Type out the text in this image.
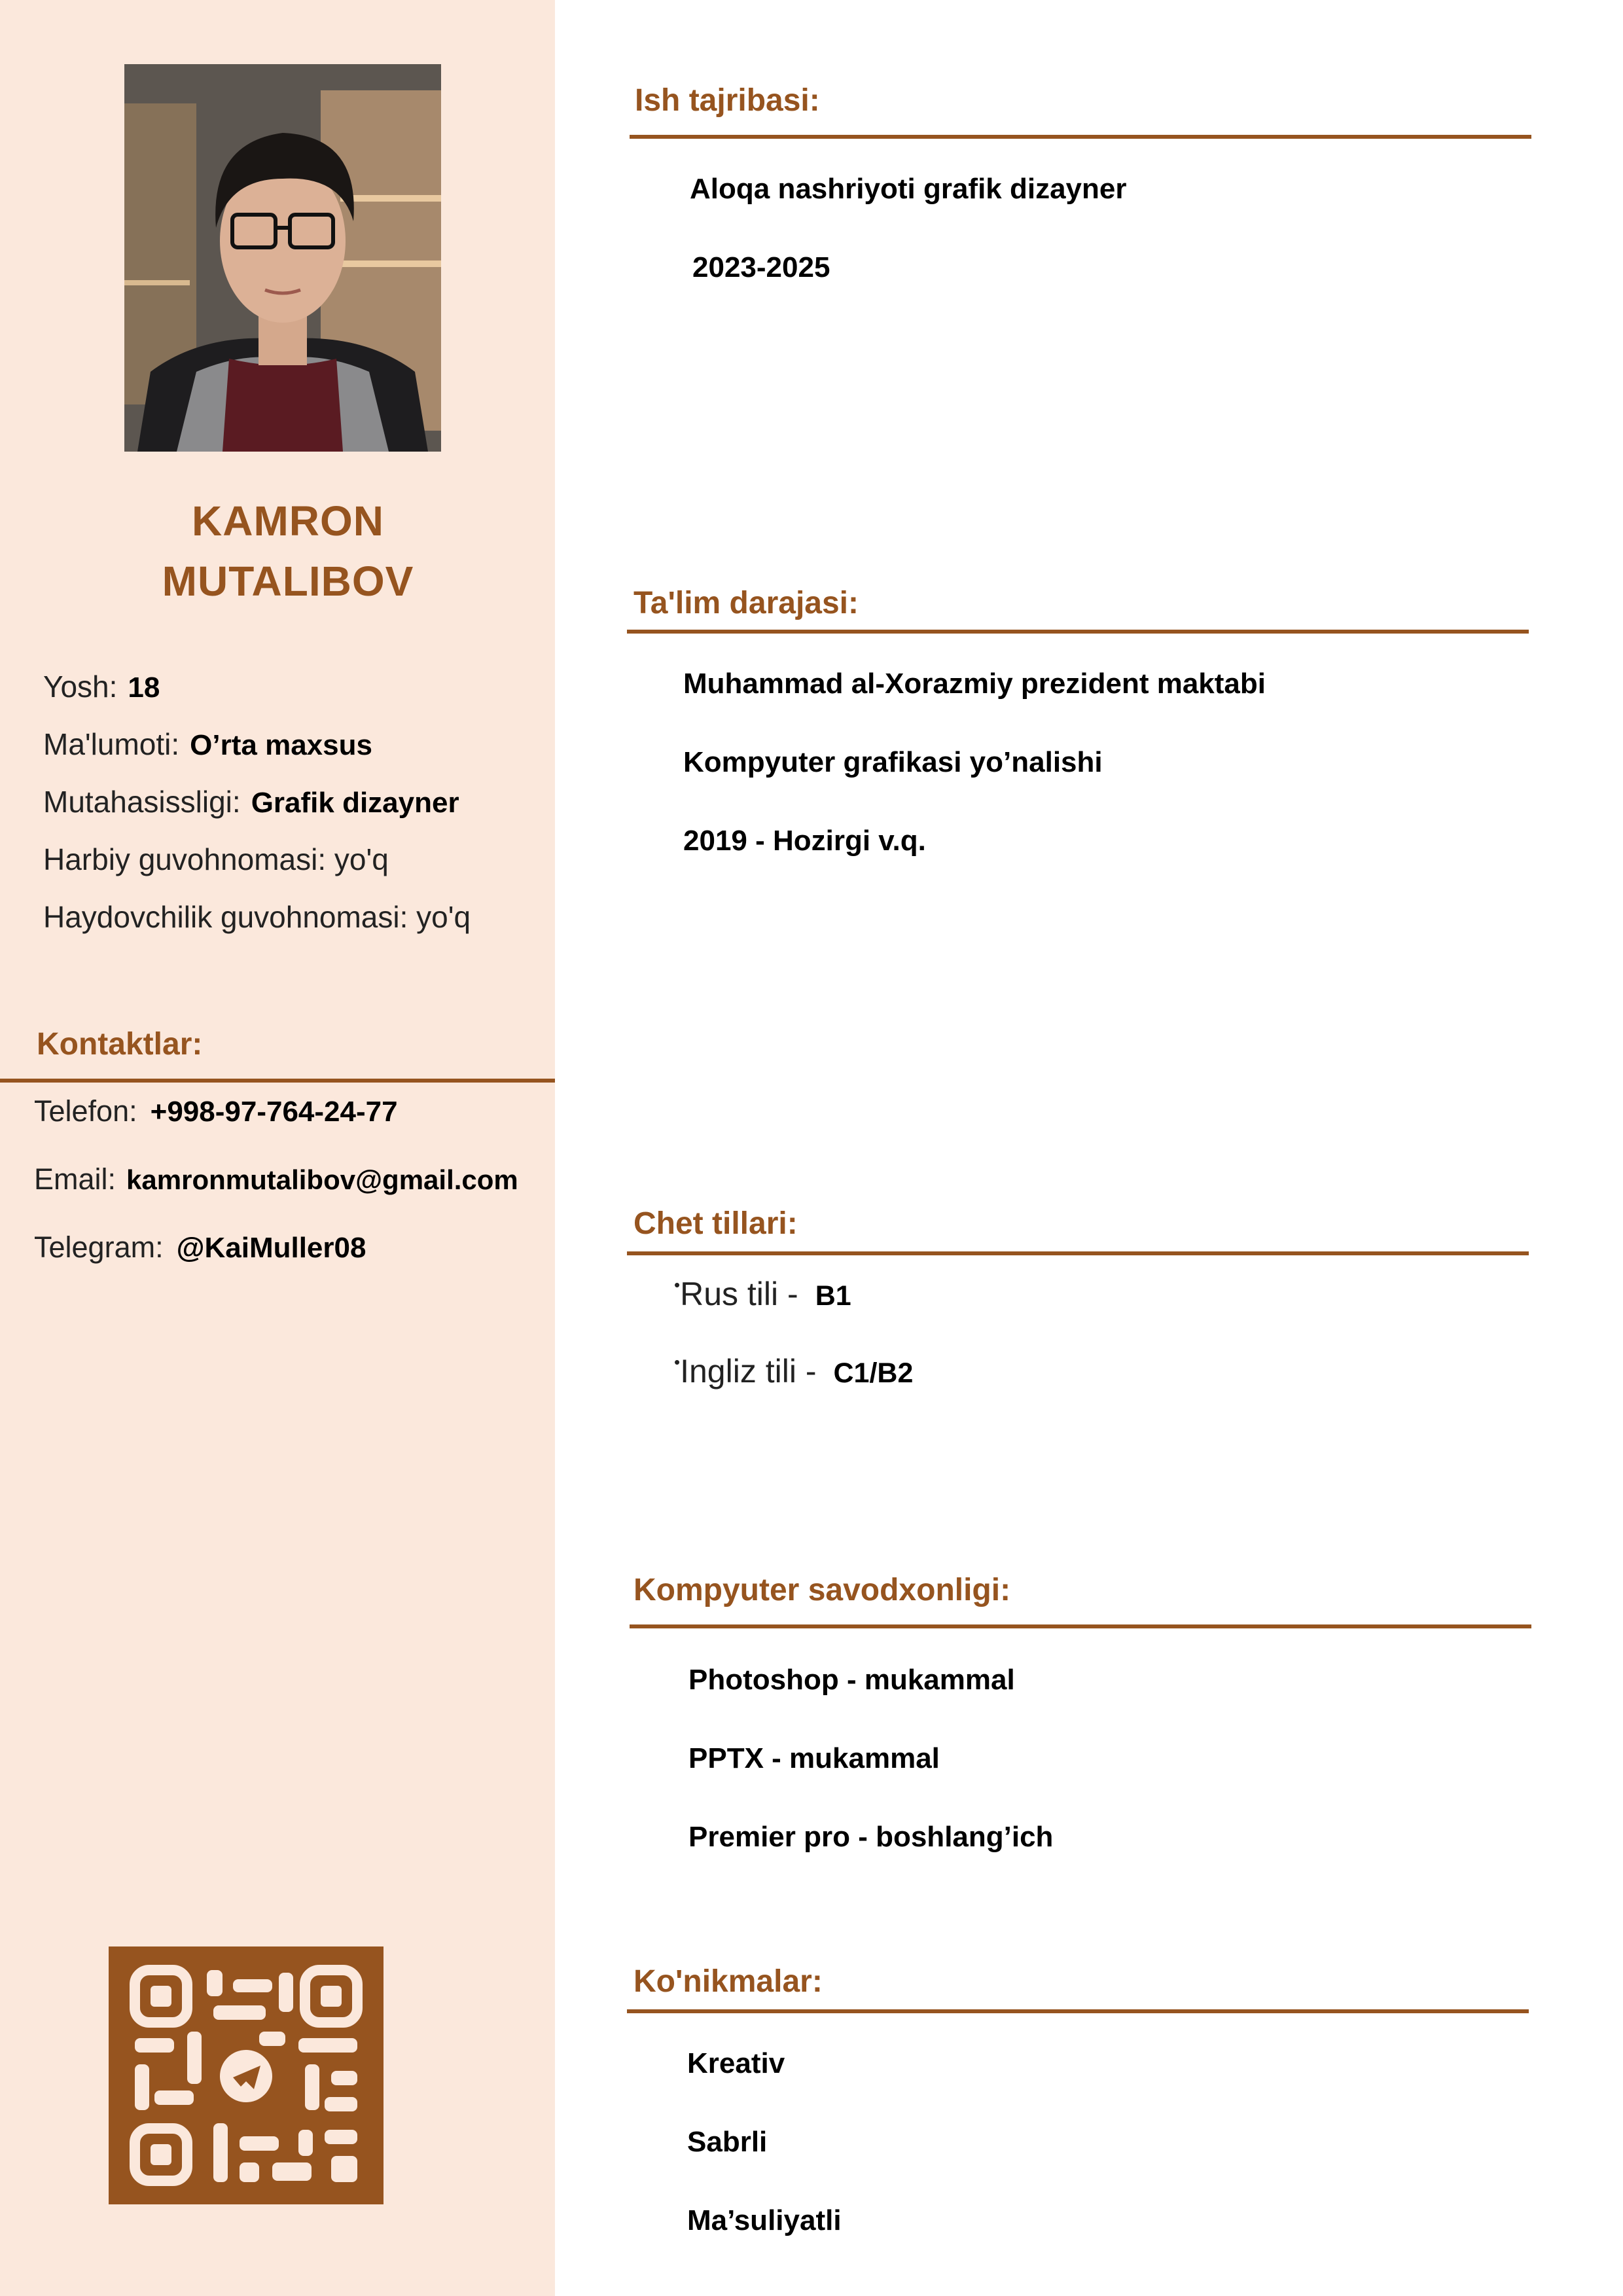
KAMRON
MUTALIBOV
Yosh: 18
Ma'lumoti: O’rta maxsus
Mutahasissligi: Grafik dizayner
Harbiy guvohnomasi: yo'q
Haydovchilik guvohnomasi: yo'q
Kontaktlar:
Telefon: +998-97-764-24-77
Email: kamronmutalibov@gmail.com
Telegram: @KaiMuller08
Ish tajribasi:
Aloqa nashriyoti grafik dizayner
2023-2025
Ta'lim darajasi:
Muhammad al-Xorazmiy prezident maktabi
Kompyuter grafikasi yo’nalishi
2019 - Hozirgi v.q.
Chet tillari:
•Rus tili - B1
•Ingliz tili - C1/B2
Kompyuter savodxonligi:
Photoshop - mukammal
PPTX - mukammal
Premier pro - boshlang’ich
Ko'nikmalar:
Kreativ
Sabrli
Ma’suliyatli
